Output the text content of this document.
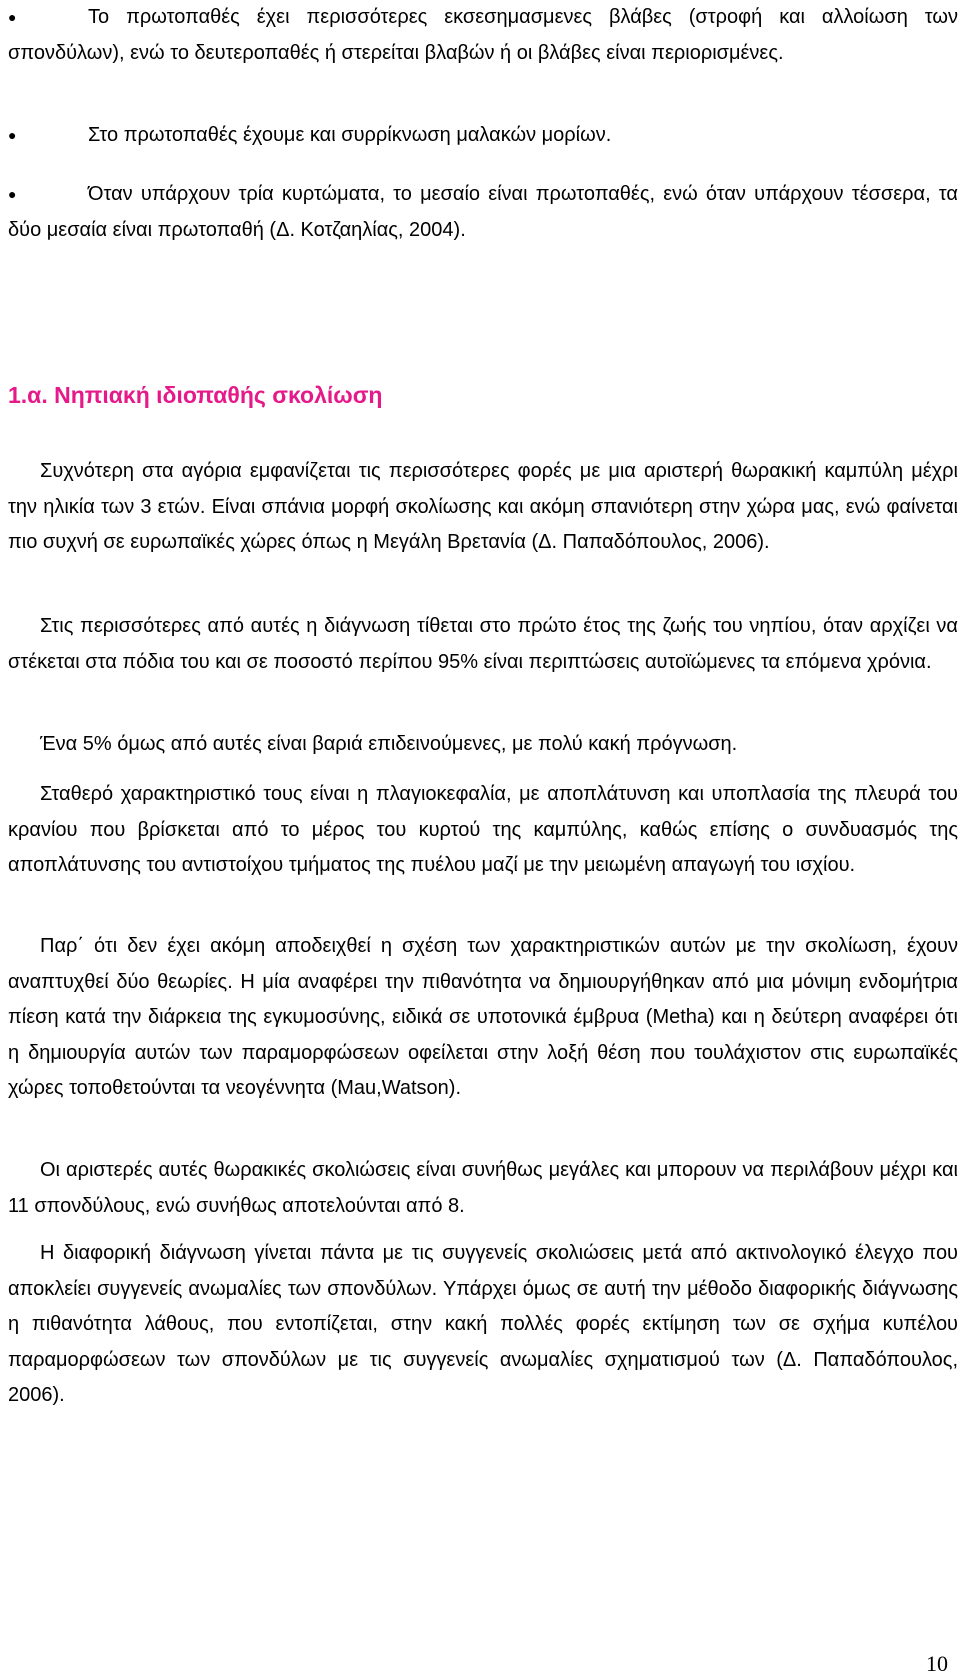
●	Το πρωτοπαθές έχει περισσότερες εκσεσημασμενες βλάβες (στροφή και αλλοίωση των σπονδύλων), ενώ το δευτεροπαθές ή στερείται βλαβών ή οι βλάβες είναι περιορισμένες.

●	Στο πρωτοπαθές έχουμε και συρρίκνωση μαλακών μορίων.

●	Όταν υπάρχουν τρία κυρτώματα, το μεσαίο είναι πρωτοπαθές, ενώ όταν υπάρχουν τέσσερα, τα δύο μεσαία είναι πρωτοπαθή (Δ. Κοτζαηλίας, 2004).

1.α. Νηπιακή ιδιοπαθής σκολίωση

Συχνότερη στα αγόρια εμφανίζεται τις περισσότερες φορές με μια αριστερή θωρακική καμπύλη μέχρι την ηλικία των 3 ετών. Είναι σπάνια μορφή σκολίωσης και ακόμη σπανιότερη στην χώρα μας, ενώ φαίνεται πιο συχνή σε ευρωπαϊκές χώρες όπως η Μεγάλη Βρετανία (Δ. Παπαδόπουλος, 2006).

Στις περισσότερες από αυτές η διάγνωση τίθεται στο πρώτο έτος της ζωής του νηπίου, όταν αρχίζει να στέκεται στα πόδια του και σε ποσοστό περίπου 95% είναι περιπτώσεις αυτοϊώμενες τα επόμενα χρόνια.

Ένα 5% όμως από αυτές είναι βαριά επιδεινούμενες, με πολύ κακή πρόγνωση.

Σταθερό χαρακτηριστικό τους είναι η πλαγιοκεφαλία, με αποπλάτυνση και υποπλασία της πλευρά του κρανίου που βρίσκεται από το μέρος του κυρτού της καμπύλης, καθώς επίσης ο συνδυασμός της αποπλάτυνσης του αντιστοίχου τμήματος της πυέλου μαζί με την μειωμένη απαγωγή του ισχίου.

Παρ΄ ότι δεν έχει ακόμη αποδειχθεί η σχέση των χαρακτηριστικών αυτών με την σκολίωση, έχουν αναπτυχθεί δύο θεωρίες. Η μία αναφέρει την πιθανότητα να δημιουργήθηκαν από μια μόνιμη ενδομήτρια πίεση κατά την διάρκεια της εγκυμοσύνης, ειδικά σε υποτονικά έμβρυα (Metha) και η δεύτερη αναφέρει ότι η δημιουργία αυτών των παραμορφώσεων οφείλεται στην λοξή θέση που τουλάχιστον στις ευρωπαϊκές χώρες τοποθετούνται τα νεογέννητα (Mau,Watson).

Οι αριστερές αυτές θωρακικές σκολιώσεις είναι συνήθως μεγάλες και μπορουν να περιλάβουν μέχρι και 11 σπονδύλους, ενώ συνήθως αποτελούνται από 8.

Η διαφορική διάγνωση γίνεται πάντα με τις συγγενείς σκολιώσεις μετά από ακτινολογικό έλεγχο που αποκλείει συγγενείς ανωμαλίες των σπονδύλων. Υπάρχει όμως σε αυτή την μέθοδο διαφορικής διάγνωσης η πιθανότητα λάθους, που εντοπίζεται, στην κακή πολλές φορές εκτίμηση των σε σχήμα κυπέλου παραμορφώσεων των σπονδύλων με τις συγγενείς ανωμαλίες σχηματισμού των (Δ. Παπαδόπουλος, 2006).

10
